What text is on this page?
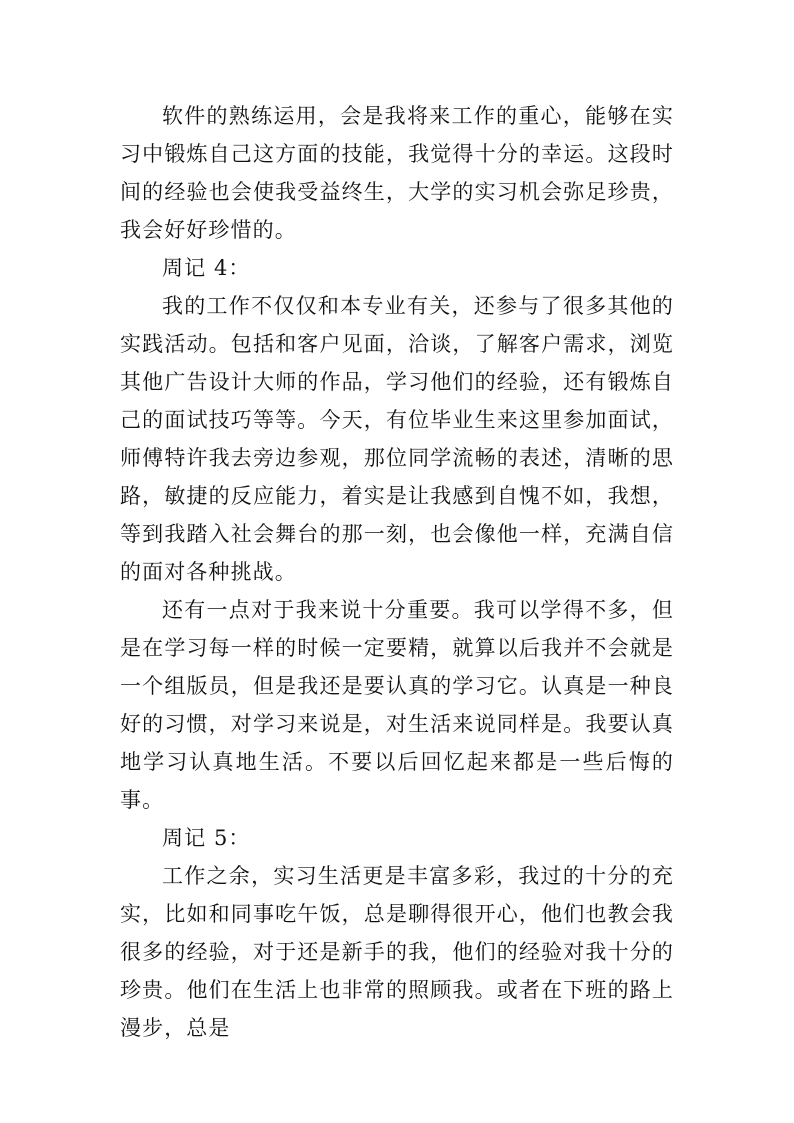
软件的熟练运用，会是我将来工作的重心，能够在实习中锻炼自己这方面的技能，我觉得十分的幸运。这段时间的经验也会使我受益终生，大学的实习机会弥足珍贵，我会好好珍惜的。

周记 4：

我的工作不仅仅和本专业有关，还参与了很多其他的实践活动。包括和客户见面，洽谈，了解客户需求，浏览其他广告设计大师的作品，学习他们的经验，还有锻炼自己的面试技巧等等。今天，有位毕业生来这里参加面试，师傅特许我去旁边参观，那位同学流畅的表述，清晰的思路，敏捷的反应能力，着实是让我感到自愧不如，我想，等到我踏入社会舞台的那一刻，也会像他一样，充满自信的面对各种挑战。

还有一点对于我来说十分重要。我可以学得不多，但是在学习每一样的时候一定要精，就算以后我并不会就是一个组版员，但是我还是要认真的学习它。认真是一种良好的习惯，对学习来说是，对生活来说同样是。我要认真地学习认真地生活。不要以后回忆起来都是一些后悔的事。

周记 5：

工作之余，实习生活更是丰富多彩，我过的十分的充实，比如和同事吃午饭，总是聊得很开心，他们也教会我很多的经验，对于还是新手的我，他们的经验对我十分的珍贵。他们在生活上也非常的照顾我。或者在下班的路上漫步，总是
